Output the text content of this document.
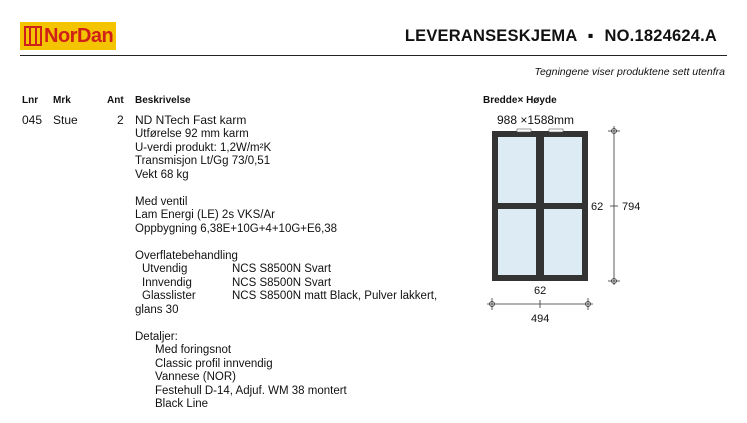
NorDan	LEVERANSESKJEMA ▪ NO.1824624.A
Tegningene viser produktene sett utenfra
Lnr Mrk	Ant Beskrivelse	Bredde× Høyde
045 Stue	2 ND NTech Fast karm	988 ×1588mm
Utførelse 92 mm karm
U-verdi produkt: 1,2W/m²K
Transmisjon Lt/Gg 73/0,51
Vekt 68 kg
Med ventil
Lam Energi (LE) 2s VKS/Ar
Oppbygning 6,38E+10G+4+10G+E6,38
Overflatebehandling
Utvendig	NCS S8500N Svart
Innvendig	NCS S8500N Svart
Glasslister	NCS S8500N matt Black, Pulver lakkert,
glans 30
Detaljer:
Med foringsnot
Classic profil innvendig
Vannese (NOR)
Festehull D-14, Adjuf. WM 38 montert
Black Line
62 794
62
494
